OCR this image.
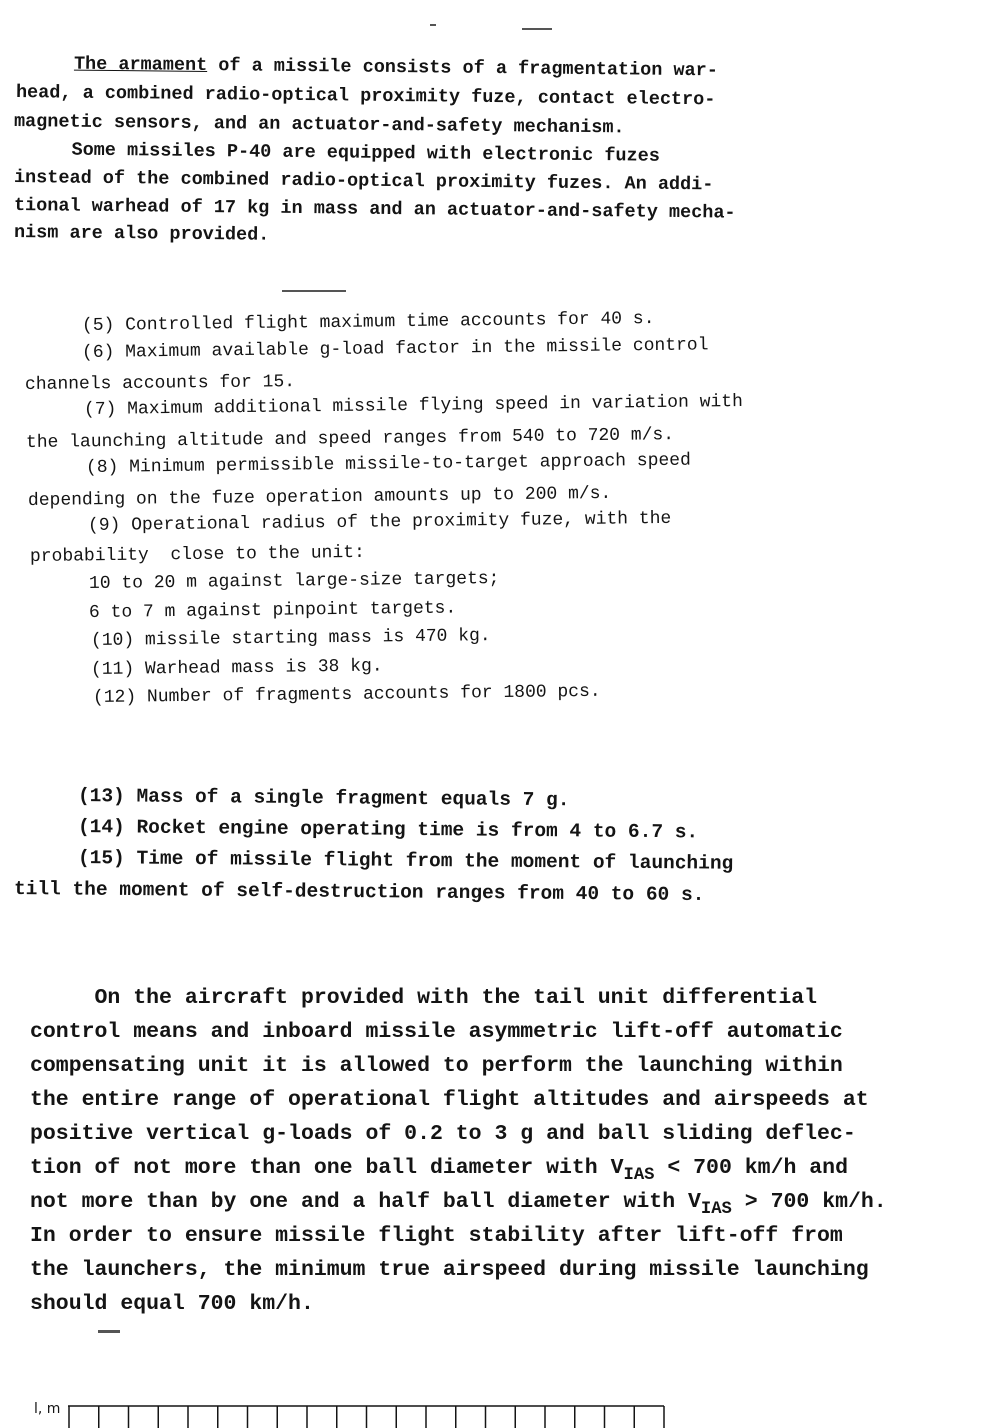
The armament of a missile consists of a fragmentation war-
head, a combined radio-optical proximity fuze, contact electro-
magnetic sensors, and an actuator-and-safety mechanism.
Some missiles P-40 are equipped with electronic fuzes
instead of the combined radio-optical proximity fuzes. An addi-
tional warhead of 17 kg in mass and an actuator-and-safety mecha-
nism are also provided.
(5) Controlled flight maximum time accounts for 40 s.
(6) Maximum available g-load factor in the missile control
channels accounts for 15.
(7) Maximum additional missile flying speed in variation with
the launching altitude and speed ranges from 540 to 720 m/s.
(8) Minimum permissible missile-to-target approach speed
depending on the fuze operation amounts up to 200 m/s.
(9) Operational radius of the proximity fuze, with the
probability  close to the unit:
10 to 20 m against large-size targets;
6 to 7 m against pinpoint targets.
(10) missile starting mass is 470 kg.
(11) Warhead mass is 38 kg.
(12) Number of fragments accounts for 1800 pcs.
(13) Mass of a single fragment equals 7 g.
(14) Rocket engine operating time is from 4 to 6.7 s.
(15) Time of missile flight from the moment of launching
till the moment of self-destruction ranges from 40 to 60 s.
On the aircraft provided with the tail unit differential
control means and inboard missile asymmetric lift-off automatic
compensating unit it is allowed to perform the launching within
the entire range of operational flight altitudes and airspeeds at
positive vertical g-loads of 0.2 to 3 g and ball sliding deflec-
tion of not more than one ball diameter with $V_{IAS} < 700$ km/h and
not more than by one and a half ball diameter with $V_{IAS} > 700$ km/h.
In order to ensure missile flight stability after lift-off from
the launchers, the minimum true airspeed during missile launching
should equal 700 km/h.
l, m
